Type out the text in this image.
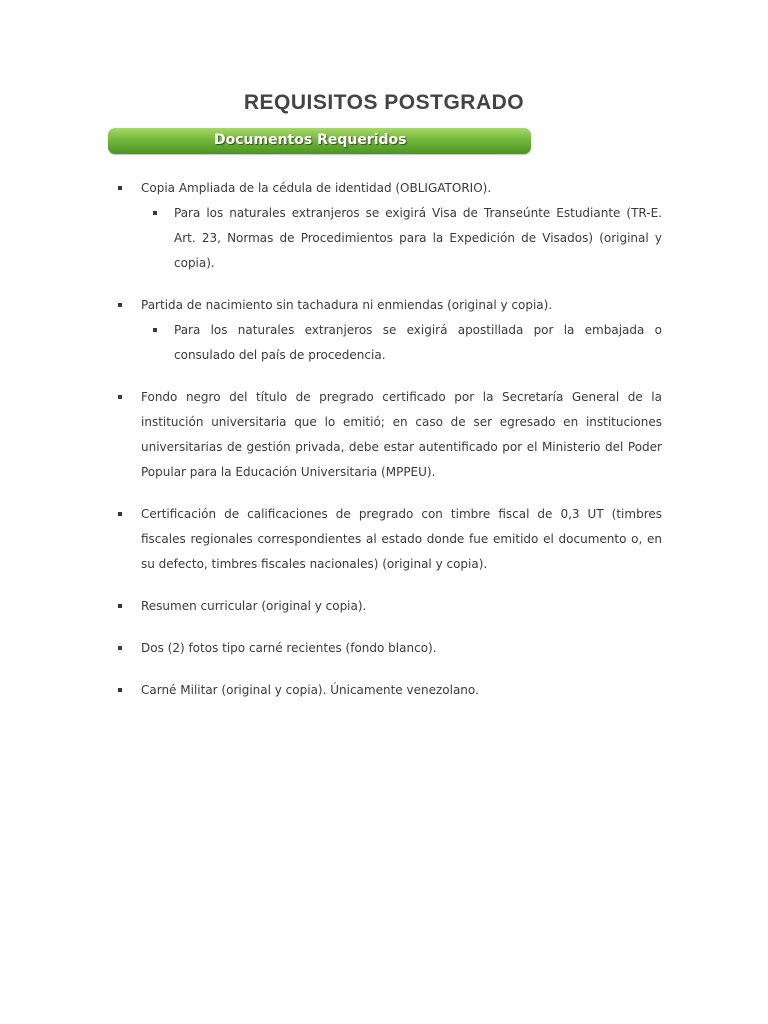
REQUISITOS POSTGRADO
Documentos Requeridos
Copia Ampliada de la cédula de identidad (OBLIGATORIO).
Para los naturales extranjeros se exigirá Visa de Transeúnte Estudiante (TR-E. Art. 23, Normas de Procedimientos para la Expedición de Visados) (original y copia).
Partida de nacimiento sin tachadura ni enmiendas (original y copia).
Para los naturales extranjeros se exigirá apostillada por la embajada o consulado del país de procedencia.
Fondo negro del título de pregrado certificado por la Secretaría General de la institución universitaria que lo emitió; en caso de ser egresado en instituciones universitarias de gestión privada, debe estar autentificado por el Ministerio del Poder Popular para la Educación Universitaria (MPPEU).
Certificación de calificaciones de pregrado con timbre fiscal de 0,3 UT (timbres fiscales regionales correspondientes al estado donde fue emitido el documento o, en su defecto, timbres fiscales nacionales) (original y copia).
Resumen curricular (original y copia).
Dos (2) fotos tipo carné recientes (fondo blanco).
Carné Militar (original y copia). Únicamente venezolano.
